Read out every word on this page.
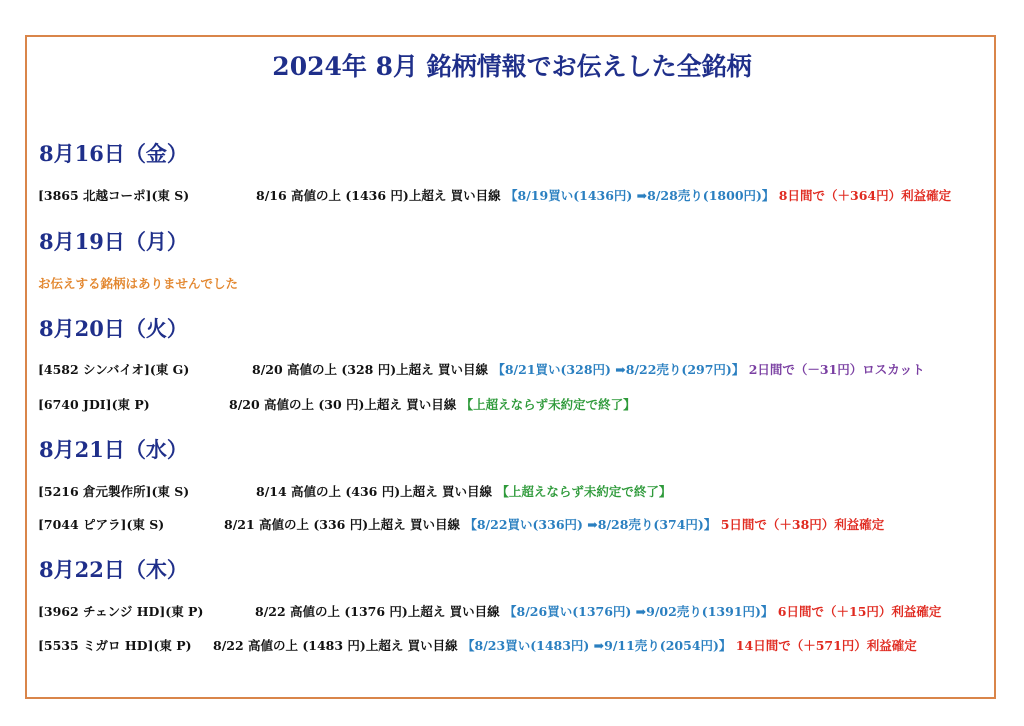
2024年 8月 銘柄情報でお伝えした全銘柄
8月16日（金）
[3865 北越コーポ](東 S)	8/16 高値の上 (1436 円)上超え 買い目線 【8/19買い(1436円) ➡8/28売り(1800円)】 8日間で（＋364円）利益確定
8月19日（月）
お伝えする銘柄はありませんでした
8月20日（火）
[4582 シンバイオ](東 G)	8/20 高値の上 (328 円)上超え 買い目線 【8/21買い(328円) ➡8/22売り(297円)】 2日間で（－31円）ロスカット
[6740 JDI](東 P)	8/20 高値の上 (30 円)上超え 買い目線 【上超えならず未約定で終了】
8月21日（水）
[5216 倉元製作所](東 S)	8/14 高値の上 (436 円)上超え 買い目線 【上超えならず未約定で終了】
[7044 ピアラ](東 S)	8/21 高値の上 (336 円)上超え 買い目線 【8/22買い(336円) ➡8/28売り(374円)】 5日間で（＋38円）利益確定
8月22日（木）
[3962 チェンジ HD](東 P)	8/22 高値の上 (1376 円)上超え 買い目線 【8/26買い(1376円) ➡9/02売り(1391円)】 6日間で（＋15円）利益確定
[5535 ミガロ HD](東 P) 8/22 高値の上 (1483 円)上超え 買い目線 【8/23買い(1483円) ➡9/11売り(2054円)】 14日間で（＋571円）利益確定
